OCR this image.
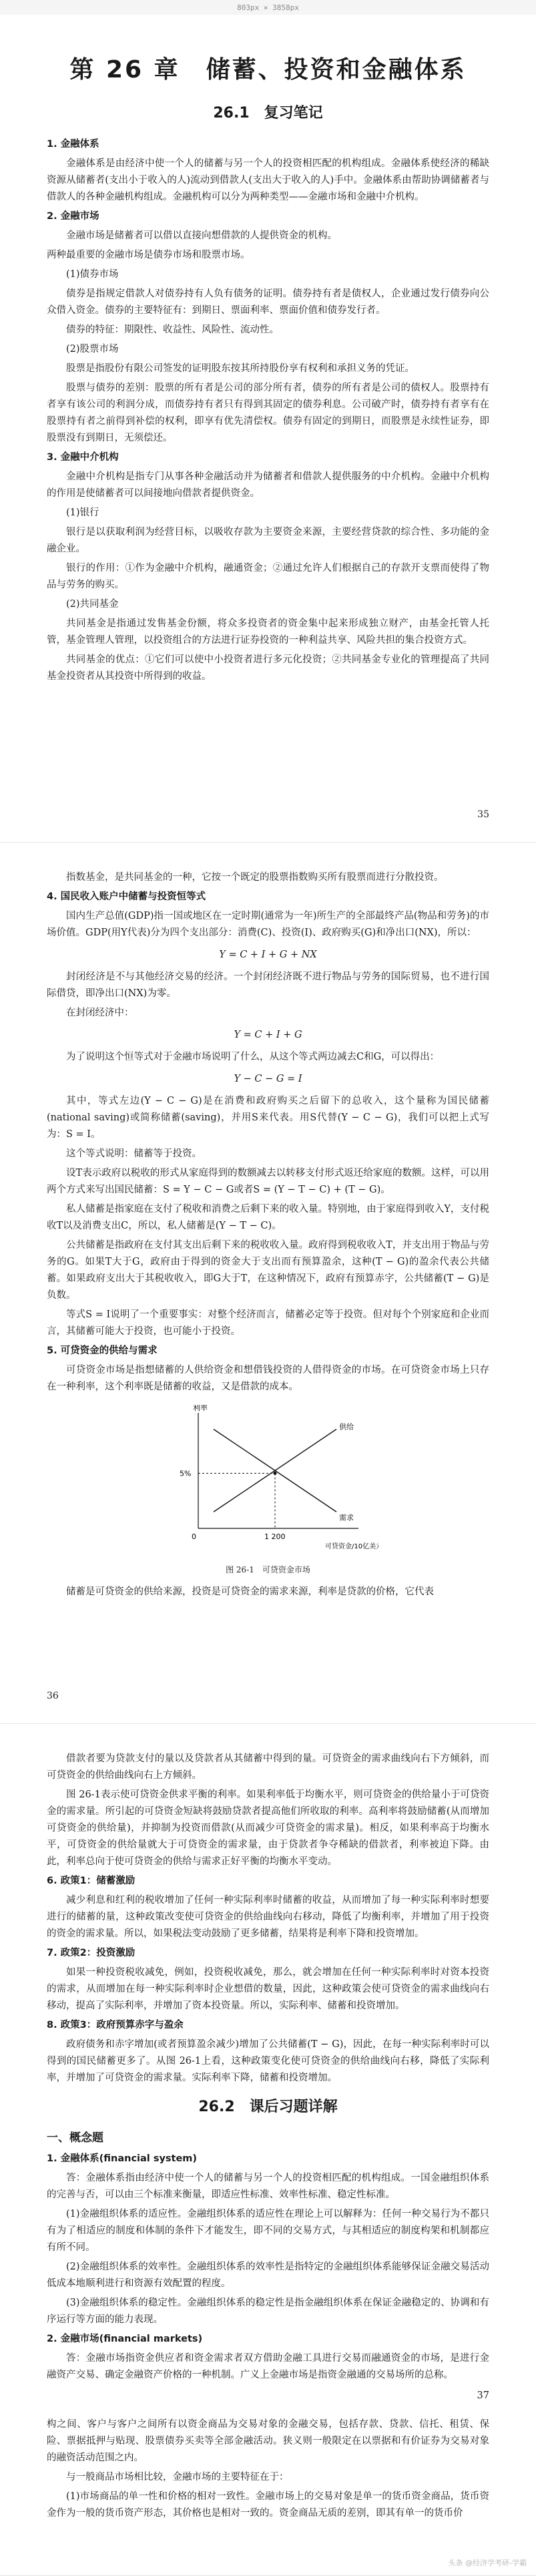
803px × 3858px
第 26 章　储蓄、投资和金融体系
26.1　复习笔记
1. 金融体系

金融体系是由经济中使一个人的储蓄与另一个人的投资相匹配的机构组成。金融体系使经济的稀缺资源从储蓄者(支出小于收入的人)流动到借款人(支出大于收入的人)手中。金融体系由帮助协调储蓄者与借款人的各种金融机构组成。金融机构可以分为两种类型——金融市场和金融中介机构。

2. 金融市场

金融市场是储蓄者可以借以直接向想借款的人提供资金的机构。

两种最重要的金融市场是债券市场和股票市场。

(1)债券市场

债券是指规定借款人对债券持有人负有债务的证明。债券持有者是债权人，企业通过发行债券向公众借入资金。债券的主要特征有：到期日、票面利率、票面价值和债券发行者。

债券的特征：期限性、收益性、风险性、流动性。

(2)股票市场

股票是指股份有限公司签发的证明股东按其所持股份享有权利和承担义务的凭证。

股票与债券的差别：股票的所有者是公司的部分所有者，债券的所有者是公司的债权人。股票持有者享有该公司的利润分成，而债券持有者只有得到其固定的债券利息。公司破产时，债券持有者享有在股票持有者之前得到补偿的权利，即享有优先清偿权。债券有固定的到期日，而股票是永续性证券，即股票没有到期日，无须偿还。

3. 金融中介机构

金融中介机构是指专门从事各种金融活动并为储蓄者和借款人提供服务的中介机构。金融中介机构的作用是使储蓄者可以间接地向借款者提供资金。

(1)银行

银行是以获取利润为经营目标，以吸收存款为主要资金来源，主要经营贷款的综合性、多功能的金融企业。

银行的作用：①作为金融中介机构，融通资金；②通过允许人们根据自己的存款开支票而使得了物品与劳务的购买。

(2)共同基金

共同基金是指通过发售基金份额，将众多投资者的资金集中起来形成独立财产，由基金托管人托管，基金管理人管理，以投资组合的方法进行证券投资的一种利益共享、风险共担的集合投资方式。

共同基金的优点：①它们可以使中小投资者进行多元化投资；②共同基金专业化的管理提高了共同基金投资者从其投资中所得到的收益。

35

指数基金，是共同基金的一种，它按一个既定的股票指数购买所有股票而进行分散投资。

4. 国民收入账户中储蓄与投资恒等式

国内生产总值(GDP)指一国或地区在一定时期(通常为一年)所生产的全部最终产品(物品和劳务)的市场价值。GDP(用Y代表)分为四个支出部分：消费(C)、投资(I)、政府购买(G)和净出口(NX)，所以：

Y = C + I + G + NX

封闭经济是不与其他经济交易的经济。一个封闭经济既不进行物品与劳务的国际贸易，也不进行国际借贷，即净出口(NX)为零。

在封闭经济中：

Y = C + I + G

为了说明这个恒等式对于金融市场说明了什么，从这个等式两边减去C和G，可以得出：

Y − C − G = I

其中，等式左边(Y − C − G)是在消费和政府购买之后留下的总收入，这个量称为国民储蓄(national saving)或简称储蓄(saving)，并用S来代表。用S代替(Y − C − G)，我们可以把上式写为：S = I。

这个等式说明：储蓄等于投资。

设T表示政府以税收的形式从家庭得到的数额减去以转移支付形式返还给家庭的数额。这样，可以用两个方式来写出国民储蓄：S = Y − C − G或者S = (Y − T − C) + (T − G)。

私人储蓄是指家庭在支付了税收和消费之后剩下来的收入量。特别地，由于家庭得到收入Y，支付税收T以及消费支出C，所以，私人储蓄是(Y − T − C)。

公共储蓄是指政府在支付其支出后剩下来的税收收入量。政府得到税收收入T，并支出用于物品与劳务的G。如果T大于G，政府由于得到的资金大于支出而有预算盈余，这种(T − G)的盈余代表公共储蓄。如果政府支出大于其税收收入，即G大于T，在这种情况下，政府有预算赤字，公共储蓄(T − G)是负数。

等式S = I说明了一个重要事实：对整个经济而言，储蓄必定等于投资。但对每个个别家庭和企业而言，其储蓄可能大于投资，也可能小于投资。

5. 可贷资金的供给与需求

可贷资金市场是指想储蓄的人供给资金和想借钱投资的人借得资金的市场。在可贷资金市场上只存在一种利率，这个利率既是储蓄的收益，又是借款的成本。

利率
可贷资金/10亿美元
供给
需求
5%
0	1 200
图 26-1　可贷资金市场

储蓄是可贷资金的供给来源，投资是可贷资金的需求来源，利率是贷款的价格，它代表

36

借款者要为贷款支付的量以及贷款者从其储蓄中得到的量。可贷资金的需求曲线向右下方倾斜，而可贷资金的供给曲线向右上方倾斜。

图 26-1表示使可贷资金供求平衡的利率。如果利率低于均衡水平，则可贷资金的供给量小于可贷资金的需求量。所引起的可贷资金短缺将鼓励贷款者提高他们所收取的利率。高利率将鼓励储蓄(从而增加可贷资金的供给量)，并抑制为投资而借款(从而减少可贷资金的需求量)。相反，如果利率高于均衡水平，可贷资金的供给量就大于可贷资金的需求量，由于贷款者争夺稀缺的借款者，利率被迫下降。由此，利率总向于使可贷资金的供给与需求正好平衡的均衡水平变动。

6. 政策1：储蓄激励

减少利息和红利的税收增加了任何一种实际利率时储蓄的收益，从而增加了每一种实际利率时想要进行的储蓄的量，这种政策改变使可贷资金的供给曲线向右移动，降低了均衡利率，并增加了用于投资的资金的需求量。所以，如果税法变动鼓励了更多储蓄，结果将是利率下降和投资增加。

7. 政策2：投资激励

如果一种投资税收减免，例如，投资税收减免，那么，就会增加在任何一种实际利率时对资本投资的需求，从而增加在每一种实际利率时企业想借的数量，因此，这种政策会使可贷资金的需求曲线向右移动，提高了实际利率，并增加了资本投资量。所以，实际利率、储蓄和投资增加。

8. 政策3：政府预算赤字与盈余

政府债务和赤字增加(或者预算盈余减少)增加了公共储蓄(T − G)，因此，在每一种实际利率时可以得到的国民储蓄更多了。从图 26-1上看，这种政策变化使可贷资金的供给曲线向右移，降低了实际利率，并增加了可贷资金的需求量。实际利率下降，储蓄和投资增加。

26.2　课后习题详解
一、概念题
1. 金融体系(financial system)

答：金融体系指由经济中使一个人的储蓄与另一个人的投资相匹配的机构组成。一国金融组织体系的完善与否，可以由三个标准来衡量，即适应性标准、效率性标准、稳定性标准。

(1)金融组织体系的适应性。金融组织体系的适应性在理论上可以解释为：任何一种交易行为不都只有为了相适应的制度和体制的条件下才能发生，即不同的交易方式，与其相适应的制度构架和机制都应有所不同。

(2)金融组织体系的效率性。金融组织体系的效率性是指特定的金融组织体系能够保证金融交易活动低成本地顺利进行和资源有效配置的程度。

(3)金融组织体系的稳定性。金融组织体系的稳定性是指金融组织体系在保证金融稳定的、协调和有序运行等方面的能力表现。

2. 金融市场(financial markets)

答：金融市场指资金供应者和资金需求者双方借助金融工具进行交易而融通资金的市场，是进行金融资产交易、确定金融资产价格的一种机制。广义上金融市场是指资金融通的交易场所的总称。

37

构之间、客户与客户之间所有以资金商品为交易对象的金融交易，包括存款、贷款、信托、租赁、保险、票据抵押与贴现、股票债券买卖等全部金融活动。狭义则一般限定在以票据和有价证券为交易对象的融资活动范围之内。

与一般商品市场相比较，金融市场的主要特征在于：

(1)市场商品的单一性和价格的相对一致性。金融市场上的交易对象是单一的货币资金商品，货币资金作为一般的货币资产形态，其价格也是相对一致的。资金商品无质的差别，即其有单一的货币价

头条 @经济学考研-学霸
